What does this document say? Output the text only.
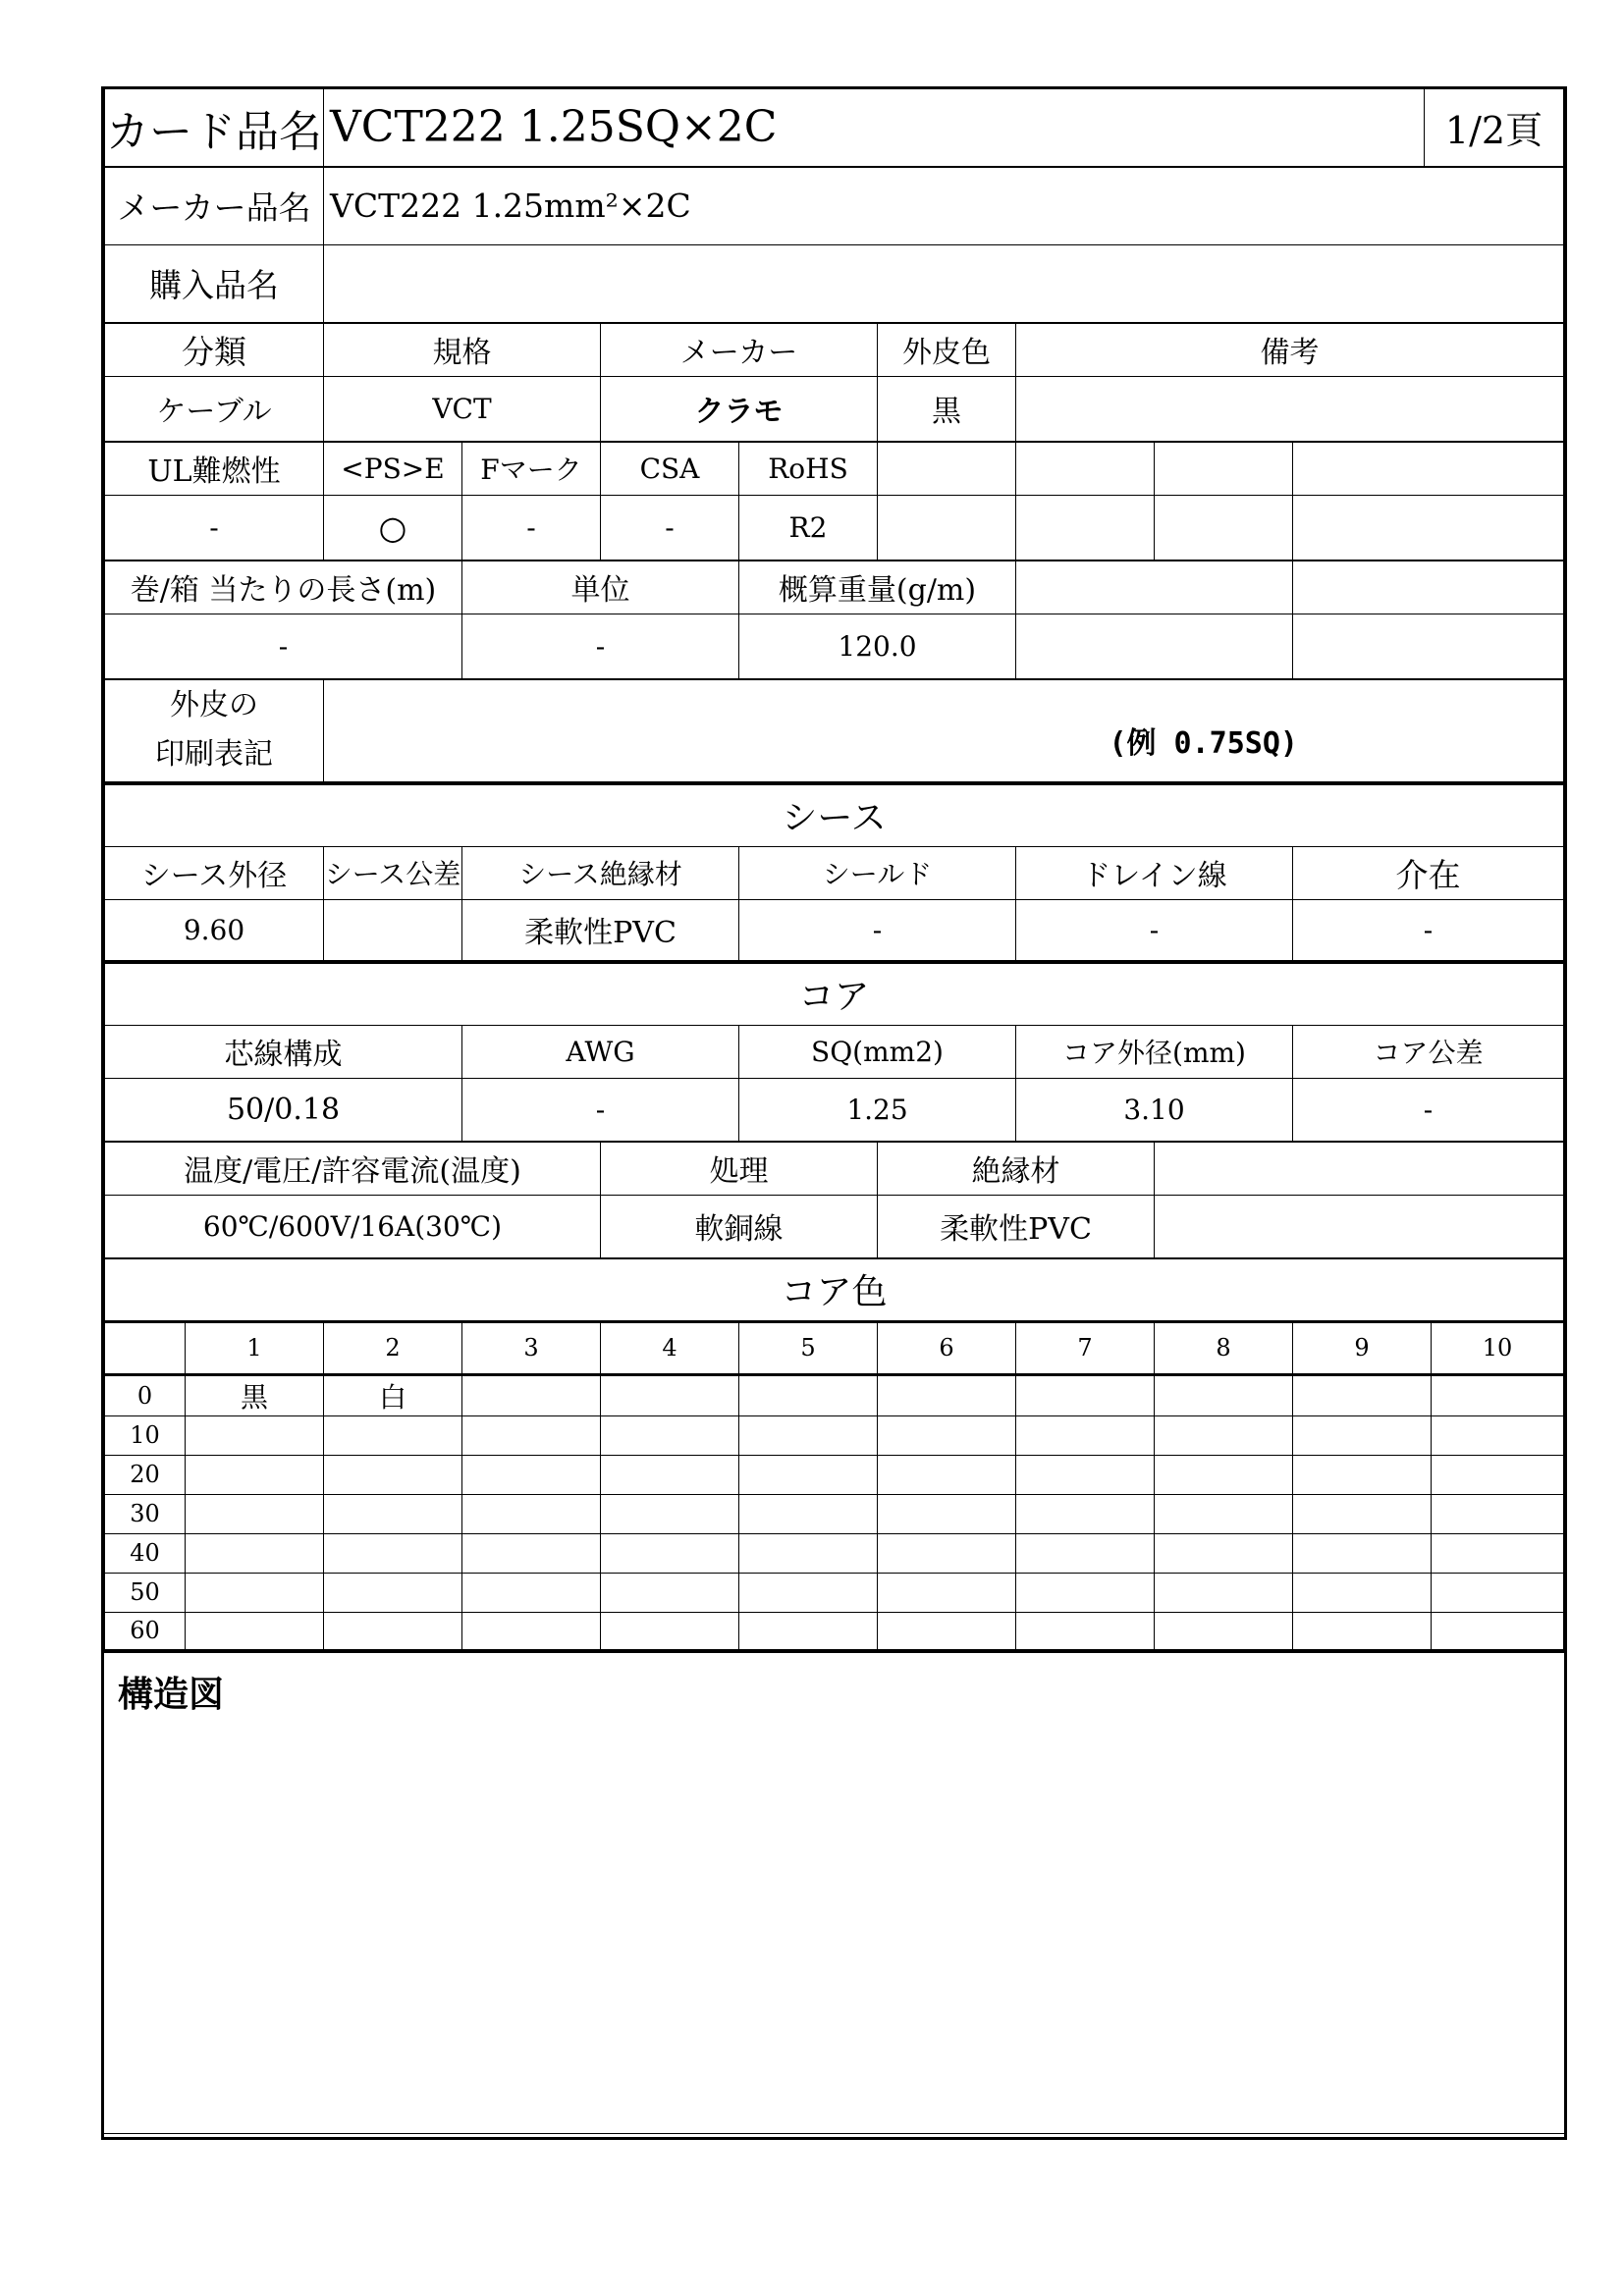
カード品名	VCT222 1.25SQ×2C	1/2頁
メーカー品名	VCT222 1.25mm²×2C
購入品名	
分類	規格	メーカー	外皮色	備考
ケーブル	VCT	クラモ	黒	
UL難燃性	<PS>E	Fマーク	CSA	RoHS				
-	○	-	-	R2				
巻/箱 当たりの長さ(m)	単位	概算重量(g/m)		
-	-	120.0		
外皮の
印刷表記	(例 0.75SQ)
シース					
シース外径	シース公差	シース絶縁材	シールド	ドレイン線	介在
9.60		柔軟性PVC	-	-	-
コア				
芯線構成	AWG	SQ(mm2)	コア外径(mm)	コア公差
50/0.18	-	1.25	3.10	-
温度/電圧/許容電流(温度)	処理	絶縁材	
60℃/600V/16A(30℃)	軟銅線	柔軟性PVC	
コア色										
	1	2	3	4	5	6	7	8	9	10
0	黒	白								
10										
20										
30										
40										
50										
60										
構造図
